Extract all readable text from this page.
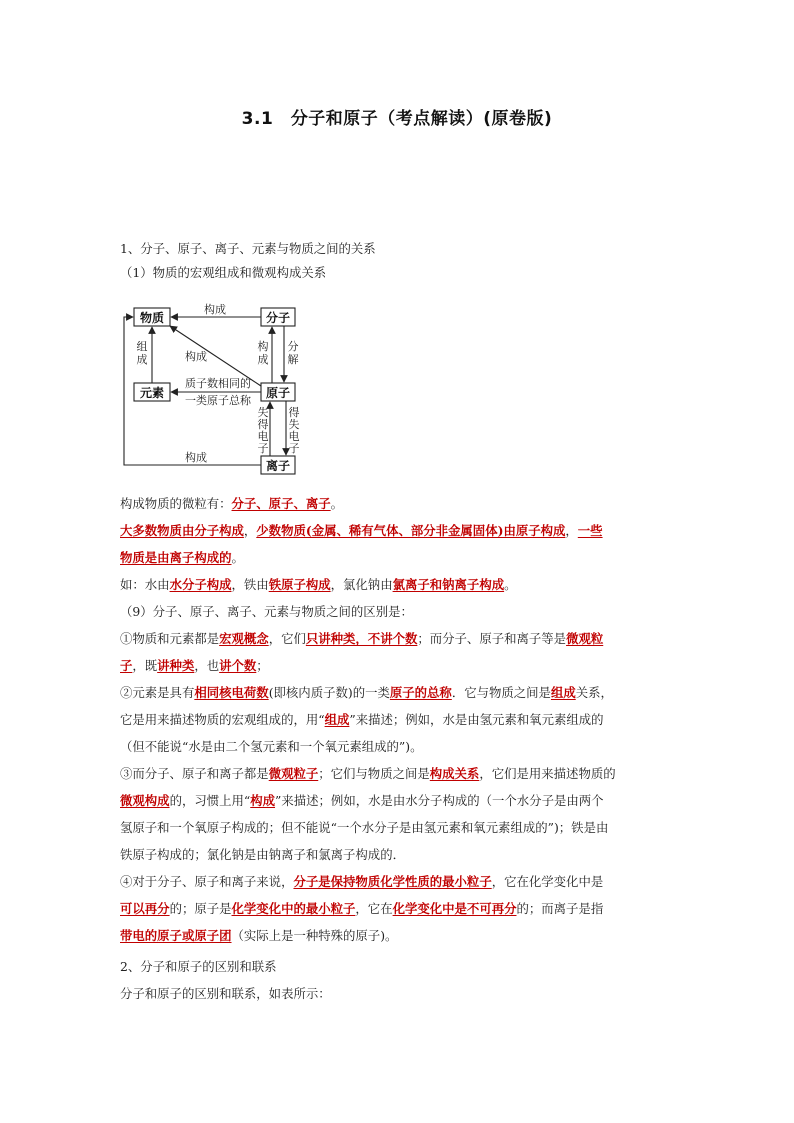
3.1　分子和原子（考点解读）(原卷版)
1、分子、原子、离子、元素与物质之间的关系
（1）物质的宏观组成和微观构成关系
物质	分子
元素	原子
离子
构成
构成
构成
组
成
构
成
分
解
质子数相同的
一类原子总称
失
得
电
子
得
失
电
子
构成物质的微粒有：分子、原子、离子。
大多数物质由分子构成，少数物质(金属、稀有气体、部分非金属固体)由原子构成，一些
物质是由离子构成的。
如：水由水分子构成，铁由铁原子构成，氯化钠由氯离子和钠离子构成。
（9）分子、原子、离子、元素与物质之间的区别是：
①物质和元素都是宏观概念，它们只讲种类，不讲个数；而分子、原子和离子等是微观粒
子，既讲种类，也讲个数；
②元素是具有相同核电荷数(即核内质子数)的一类原子的总称．它与物质之间是组成关系，
它是用来描述物质的宏观组成的，用“组成”来描述；例如，水是由氢元素和氧元素组成的
（但不能说“水是由二个氢元素和一个氧元素组成的”)。
③而分子、原子和离子都是微观粒子；它们与物质之间是构成关系，它们是用来描述物质的
微观构成的，习惯上用“构成”来描述；例如，水是由水分子构成的（一个水分子是由两个
氢原子和一个氧原子构成的；但不能说“一个水分子是由氢元素和氧元素组成的”)；铁是由
铁原子构成的；氯化钠是由钠离子和氯离子构成的．
④对于分子、原子和离子来说，分子是保持物质化学性质的最小粒子，它在化学变化中是
可以再分的；原子是化学变化中的最小粒子，它在化学变化中是不可再分的；而离子是指
带电的原子或原子团（实际上是一种特殊的原子)。
2、分子和原子的区别和联系
分子和原子的区别和联系，如表所示：
